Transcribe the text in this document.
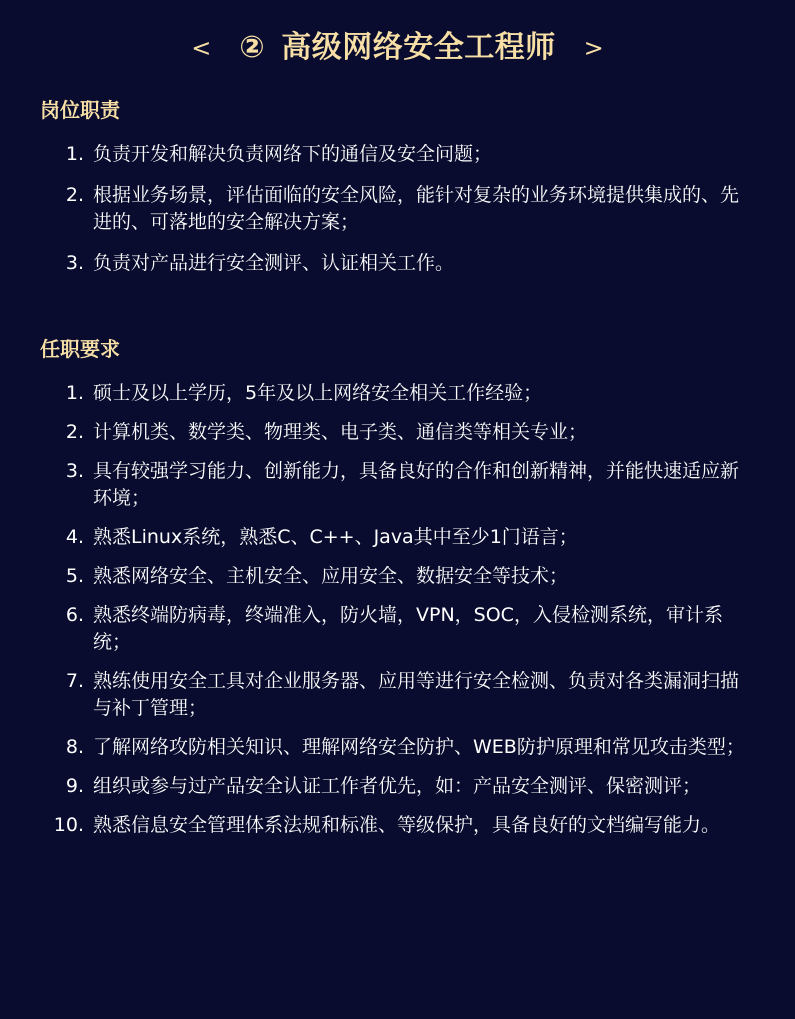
< ② 高级网络安全工程师	>
岗位职责
1. 负责开发和解决负责网络下的通信及安全问题；
2. 根据业务场景，评估面临的安全风险，能针对复杂的业务环境提供集成的、先进的、可落地的安全解决方案；
3. 负责对产品进行安全测评、认证相关工作。
任职要求
1. 硕士及以上学历，5年及以上网络安全相关工作经验；
2. 计算机类、数学类、物理类、电子类、通信类等相关专业；
3. 具有较强学习能力、创新能力，具备良好的合作和创新精神，并能快速适应新环境；
4. 熟悉Linux系统，熟悉C、C++、Java其中至少1门语言；
5. 熟悉网络安全、主机安全、应用安全、数据安全等技术；
6. 熟悉终端防病毒，终端准入，防火墙，VPN，SOC，入侵检测系统，审计系统；
7. 熟练使用安全工具对企业服务器、应用等进行安全检测、负责对各类漏洞扫描与补丁管理；
8. 了解网络攻防相关知识、理解网络安全防护、WEB防护原理和常见攻击类型；
9. 组织或参与过产品安全认证工作者优先，如：产品安全测评、保密测评；
10. 熟悉信息安全管理体系法规和标准、等级保护，具备良好的文档编写能力。
